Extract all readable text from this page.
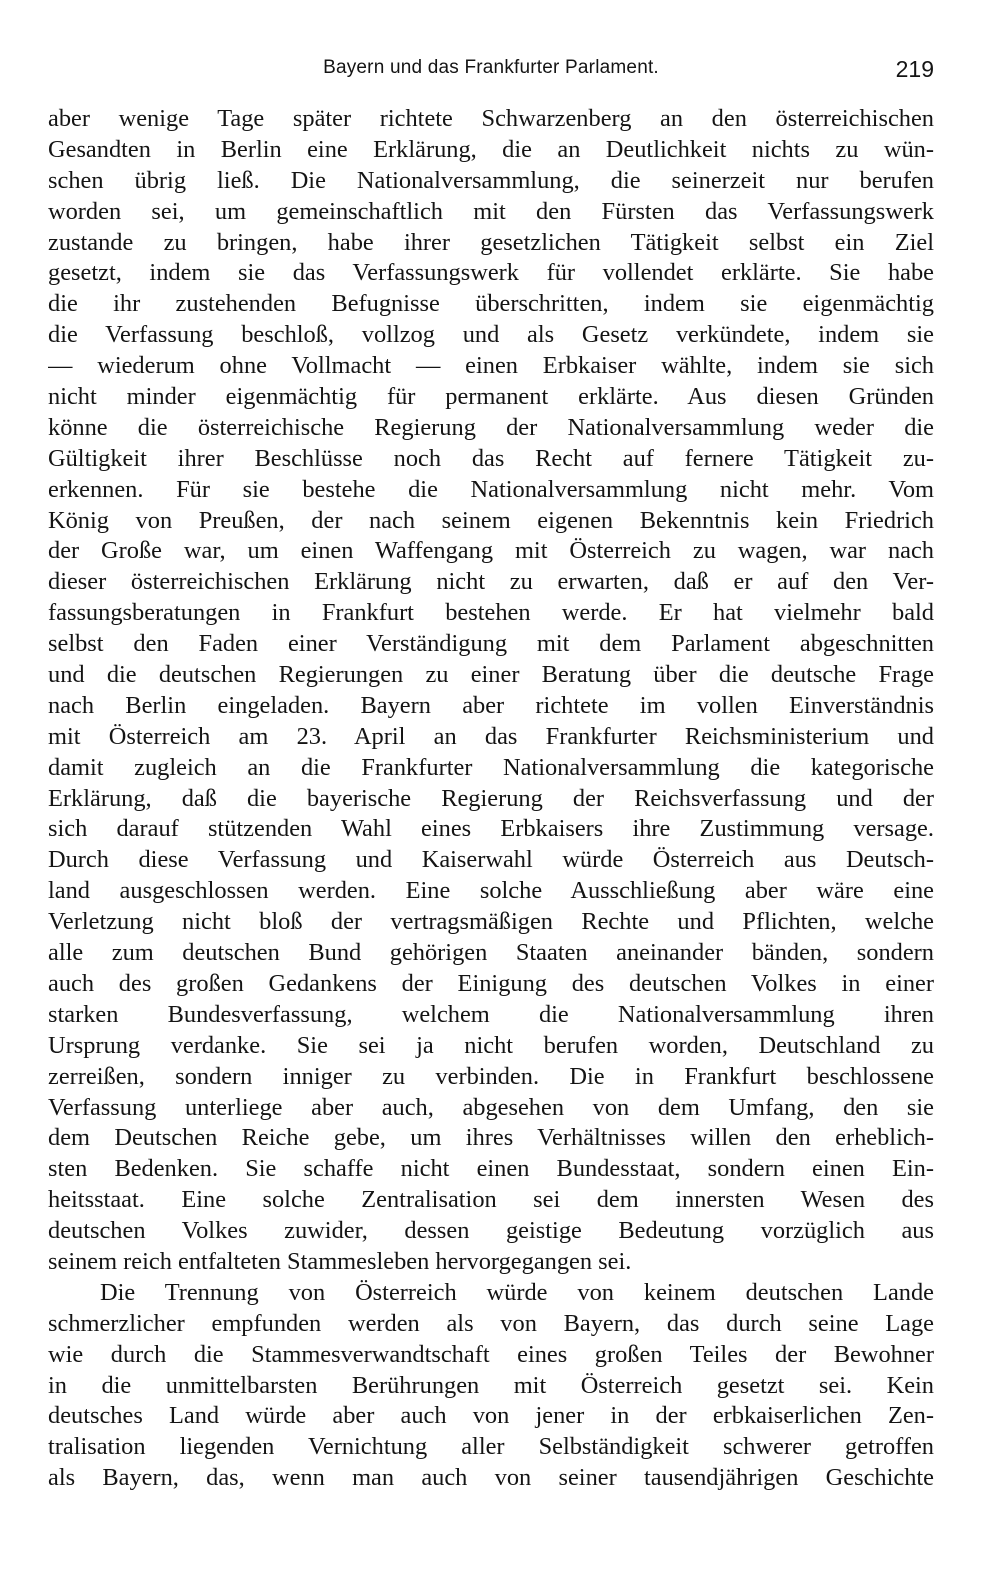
Bayern und das Frankfurter Parlament.	219
aber wenige Tage später richtete Schwarzenberg an den österreichischen
Gesandten in Berlin eine Erklärung, die an Deutlichkeit nichts zu wün-
schen übrig ließ. Die Nationalversammlung, die seinerzeit nur berufen
worden sei, um gemeinschaftlich mit den Fürsten das Verfassungswerk
zustande zu bringen, habe ihrer gesetzlichen Tätigkeit selbst ein Ziel
gesetzt, indem sie das Verfassungswerk für vollendet erklärte. Sie habe
die ihr zustehenden Befugnisse überschritten, indem sie eigenmächtig
die Verfassung beschloß, vollzog und als Gesetz verkündete, indem sie
— wiederum ohne Vollmacht — einen Erbkaiser wählte, indem sie sich
nicht minder eigenmächtig für permanent erklärte. Aus diesen Gründen
könne die österreichische Regierung der Nationalversammlung weder die
Gültigkeit ihrer Beschlüsse noch das Recht auf fernere Tätigkeit zu-
erkennen. Für sie bestehe die Nationalversammlung nicht mehr. Vom
König von Preußen, der nach seinem eigenen Bekenntnis kein Friedrich
der Große war, um einen Waffengang mit Österreich zu wagen, war nach
dieser österreichischen Erklärung nicht zu erwarten, daß er auf den Ver-
fassungsberatungen in Frankfurt bestehen werde. Er hat vielmehr bald
selbst den Faden einer Verständigung mit dem Parlament abgeschnitten
und die deutschen Regierungen zu einer Beratung über die deutsche Frage
nach Berlin eingeladen. Bayern aber richtete im vollen Einverständnis
mit Österreich am 23. April an das Frankfurter Reichsministerium und
damit zugleich an die Frankfurter Nationalversammlung die kategorische
Erklärung, daß die bayerische Regierung der Reichsverfassung und der
sich darauf stützenden Wahl eines Erbkaisers ihre Zustimmung versage.
Durch diese Verfassung und Kaiserwahl würde Österreich aus Deutsch-
land ausgeschlossen werden. Eine solche Ausschließung aber wäre eine
Verletzung nicht bloß der vertragsmäßigen Rechte und Pflichten, welche
alle zum deutschen Bund gehörigen Staaten aneinander bänden, sondern
auch des großen Gedankens der Einigung des deutschen Volkes in einer
starken Bundesverfassung, welchem die Nationalversammlung ihren
Ursprung verdanke. Sie sei ja nicht berufen worden, Deutschland zu
zerreißen, sondern inniger zu verbinden. Die in Frankfurt beschlossene
Verfassung unterliege aber auch, abgesehen von dem Umfang, den sie
dem Deutschen Reiche gebe, um ihres Verhältnisses willen den erheblich-
sten Bedenken. Sie schaffe nicht einen Bundesstaat, sondern einen Ein-
heitsstaat. Eine solche Zentralisation sei dem innersten Wesen des
deutschen Volkes zuwider, dessen geistige Bedeutung vorzüglich aus
seinem reich entfalteten Stammesleben hervorgegangen sei.
Die Trennung von Österreich würde von keinem deutschen Lande
schmerzlicher empfunden werden als von Bayern, das durch seine Lage
wie durch die Stammesverwandtschaft eines großen Teiles der Bewohner
in die unmittelbarsten Berührungen mit Österreich gesetzt sei. Kein
deutsches Land würde aber auch von jener in der erbkaiserlichen Zen-
tralisation liegenden Vernichtung aller Selbständigkeit schwerer getroffen
als Bayern, das, wenn man auch von seiner tausendjährigen Geschichte
